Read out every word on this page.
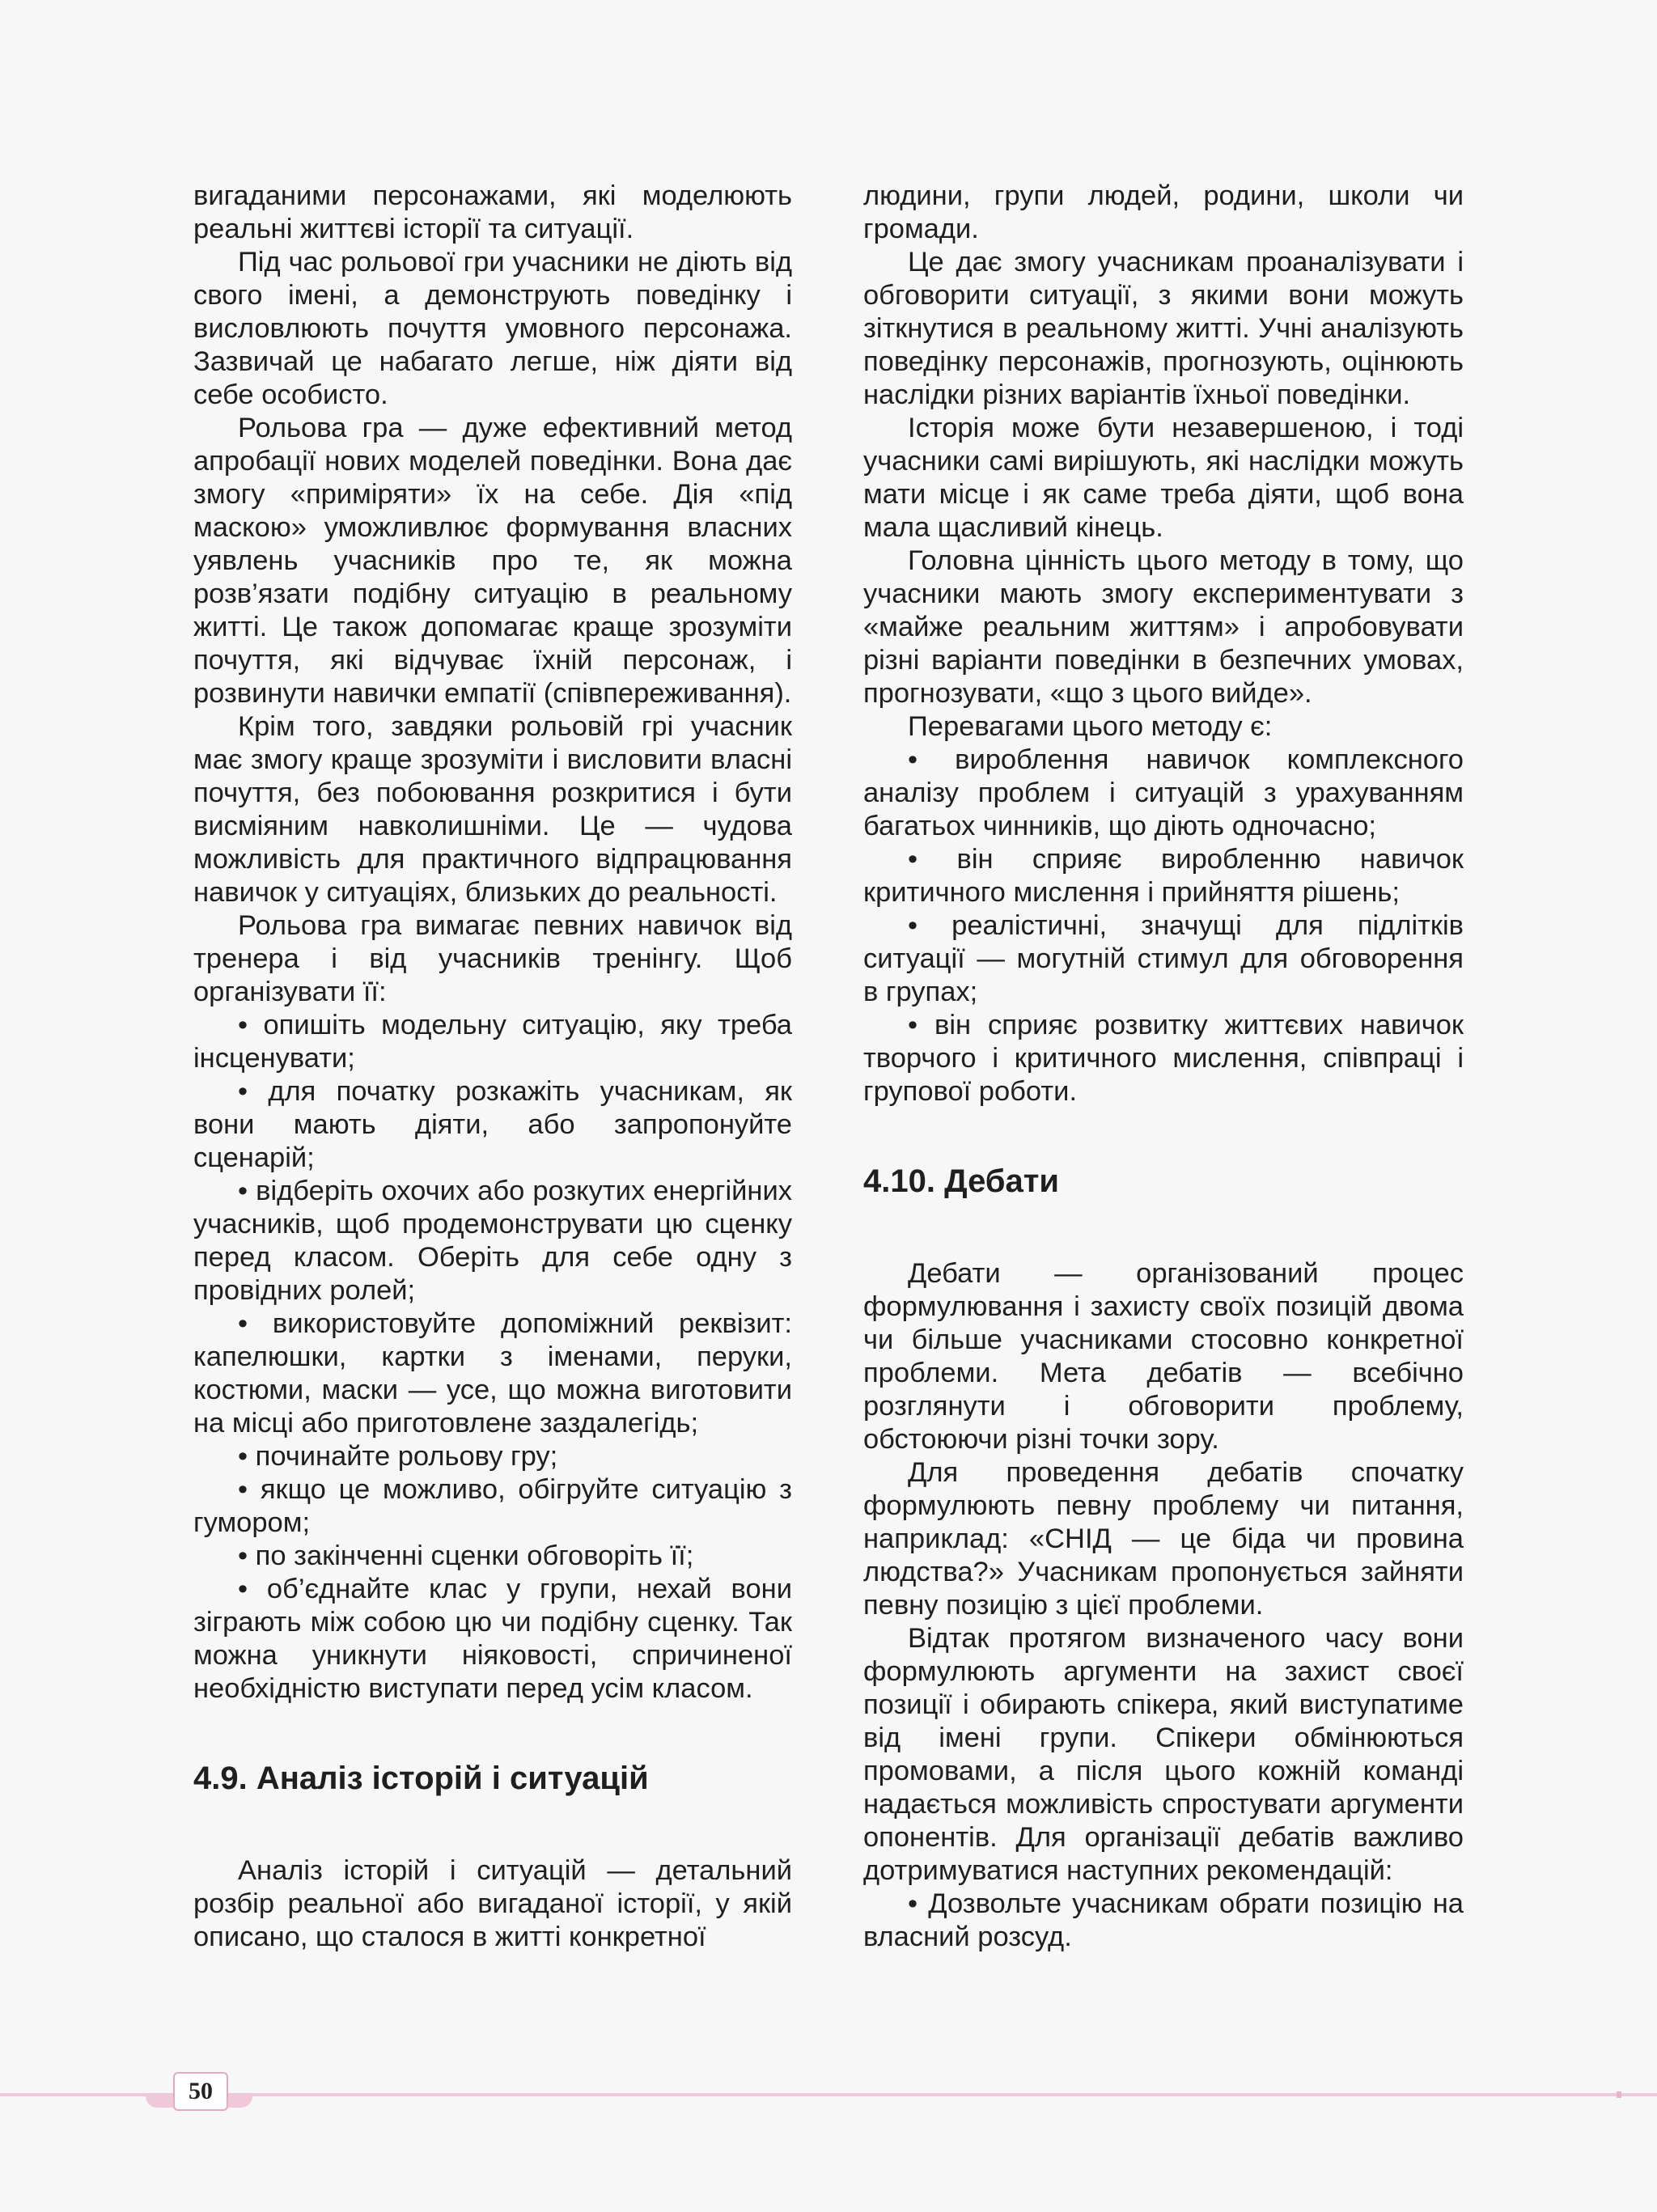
вигаданими персонажами, які моделюють реальні життєві історії та ситуації.

Під час рольової гри учасники не діють від свого імені, а демонструють поведінку і висловлюють почуття умовного персонажа. Зазвичай це набагато легше, ніж діяти від себе особисто.

Рольова гра — дуже ефективний метод апробації нових моделей поведінки. Вона дає змогу «приміряти» їх на себе. Дія «під маскою» уможливлює формування власних уявлень учасників про те, як можна розв’язати подібну ситуацію в реальному житті. Це також допомагає краще зрозуміти почуття, які відчуває їхній персонаж, і розвинути навички емпатії (співпереживання).

Крім того, завдяки рольовій грі учасник має змогу краще зрозуміти і висловити власні почуття, без побоювання розкритися і бути висміяним навколишніми. Це — чудова можливість для практичного відпрацювання навичок у ситуаціях, близьких до реальності.

Рольова гра вимагає певних навичок від тренера і від учасників тренінгу. Щоб організувати її:

• опишіть модельну ситуацію, яку треба інсценувати;

• для початку розкажіть учасникам, як вони мають діяти, або запропонуйте сценарій;

• відберіть охочих або розкутих енергійних учасників, щоб продемонструвати цю сценку перед класом. Оберіть для себе одну з провідних ролей;

• використовуйте допоміжний реквізит: капелюшки, картки з іменами, перуки, костюми, маски — усе, що можна виготовити на місці або приготовлене заздалегідь;

• починайте рольову гру;

• якщо це можливо, обігруйте ситуацію з гумором;

• по закінченні сценки обговоріть її;

• об’єднайте клас у групи, нехай вони зіграють між собою цю чи подібну сценку. Так можна уникнути ніяковості, спричиненої необхідністю виступати перед усім класом.

4.9. Аналіз історій і ситуацій

Аналіз історій і ситуацій — детальний розбір реальної або вигаданої історії, у якій описано, що сталося в житті конкретної

людини, групи людей, родини, школи чи громади.

Це дає змогу учасникам проаналізувати і обговорити ситуації, з якими вони можуть зіткнутися в реальному житті. Учні аналізують поведінку персонажів, прогнозують, оцінюють наслідки різних варіантів їхньої поведінки.

Історія може бути незавершеною, і тоді учасники самі вирішують, які наслідки можуть мати місце і як саме треба діяти, щоб вона мала щасливий кінець.

Головна цінність цього методу в тому, що учасники мають змогу експериментувати з «майже реальним життям» і апробовувати різні варіанти поведінки в безпечних умовах, прогнозувати, «що з цього вийде».

Перевагами цього методу є:

• вироблення навичок комплексного аналізу проблем і ситуацій з урахуванням багатьох чинників, що діють одночасно;

• він сприяє виробленню навичок критичного мислення і прийняття рішень;

• реалістичні, значущі для підлітків ситуації — могутній стимул для обговорення в групах;

• він сприяє розвитку життєвих навичок творчого і критичного мислення, співпраці і групової роботи.

4.10. Дебати

Дебати — організований процес формулювання і захисту своїх позицій двома чи більше учасниками стосовно конкретної проблеми. Мета дебатів — всебічно розглянути і обговорити проблему, обстоюючи різні точки зору.

Для проведення дебатів спочатку формулюють певну проблему чи питання, наприклад: «СНІД — це біда чи провина людства?» Учасникам пропонується зайняти певну позицію з цієї проблеми.

Відтак протягом визначеного часу вони формулюють аргументи на захист своєї позиції і обирають спікера, який виступатиме від імені групи. Спікери обмінюються промовами, а після цього кожній команді надається можливість спростувати аргументи опонентів. Для організації дебатів важливо дотримуватися наступних рекомендацій:

• Дозвольте учасникам обрати позицію на власний розсуд.

50
